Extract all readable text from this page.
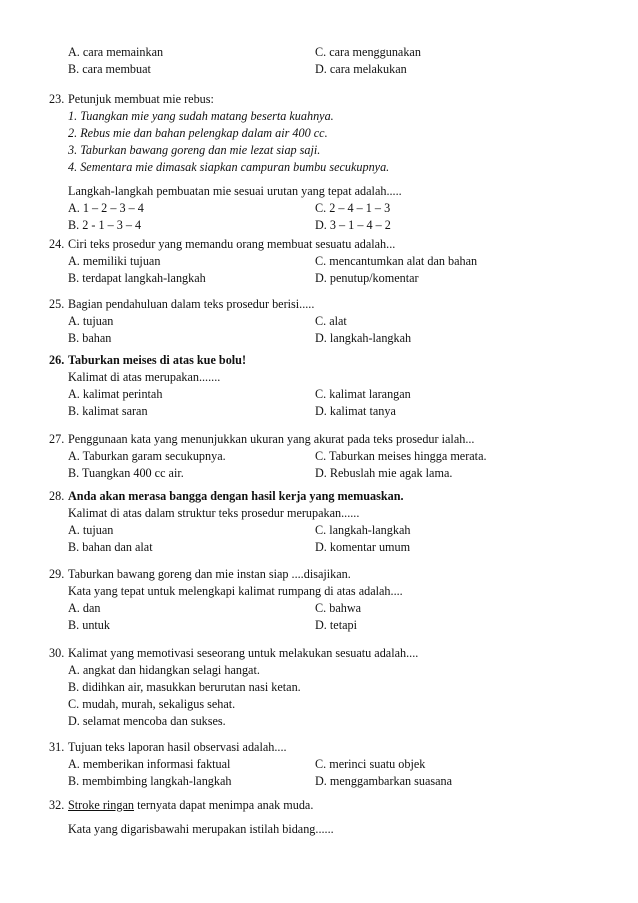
A. cara memainkan	C. cara menggunakan
B. cara membuat	D. cara melakukan
23. Petunjuk membuat mie rebus:
1. Tuangkan mie yang sudah matang beserta kuahnya.
2. Rebus mie dan bahan pelengkap dalam air 400 cc.
3. Taburkan bawang goreng dan mie lezat siap saji.
4. Sementara mie dimasak siapkan campuran bumbu secukupnya.
Langkah-langkah pembuatan mie sesuai urutan yang tepat adalah.....
A. 1 – 2 – 3 – 4	C. 2 – 4 – 1 – 3
B. 2 - 1 – 3 – 4	D. 3 – 1 – 4 – 2
24. Ciri teks prosedur yang memandu orang membuat sesuatu adalah...
A. memiliki tujuan	C. mencantumkan alat dan bahan
B. terdapat langkah-langkah	D. penutup/komentar
25. Bagian pendahuluan dalam teks prosedur berisi.....
A. tujuan	C. alat
B. bahan	D. langkah-langkah
26. Taburkan meises di atas kue bolu!
Kalimat di atas merupakan.......
A. kalimat perintah	C. kalimat larangan
B. kalimat saran	D. kalimat tanya
27. Penggunaan kata yang menunjukkan ukuran yang akurat pada teks prosedur ialah...
A. Taburkan garam secukupnya.	C. Taburkan meises hingga merata.
B. Tuangkan 400 cc air.	D. Rebuslah mie agak lama.
28. Anda akan merasa bangga dengan hasil kerja yang memuaskan.
Kalimat di atas dalam struktur teks prosedur merupakan......
A. tujuan	C. langkah-langkah
B. bahan dan alat	D. komentar umum
29. Taburkan bawang goreng dan mie instan siap ....disajikan.
Kata yang tepat untuk melengkapi kalimat rumpang di atas adalah....
A. dan	C. bahwa
B. untuk	D. tetapi
30. Kalimat yang memotivasi seseorang untuk melakukan sesuatu adalah....
A. angkat dan hidangkan selagi hangat.
B. didihkan air, masukkan berurutan nasi ketan.
C. mudah, murah, sekaligus sehat.
D. selamat mencoba dan sukses.
31. Tujuan teks laporan hasil observasi adalah....
A. memberikan informasi faktual	C. merinci suatu objek
B. membimbing langkah-langkah	D. menggambarkan suasana
32. Stroke ringan ternyata dapat menimpa anak muda.
Kata yang digarisbawahi merupakan istilah bidang......
